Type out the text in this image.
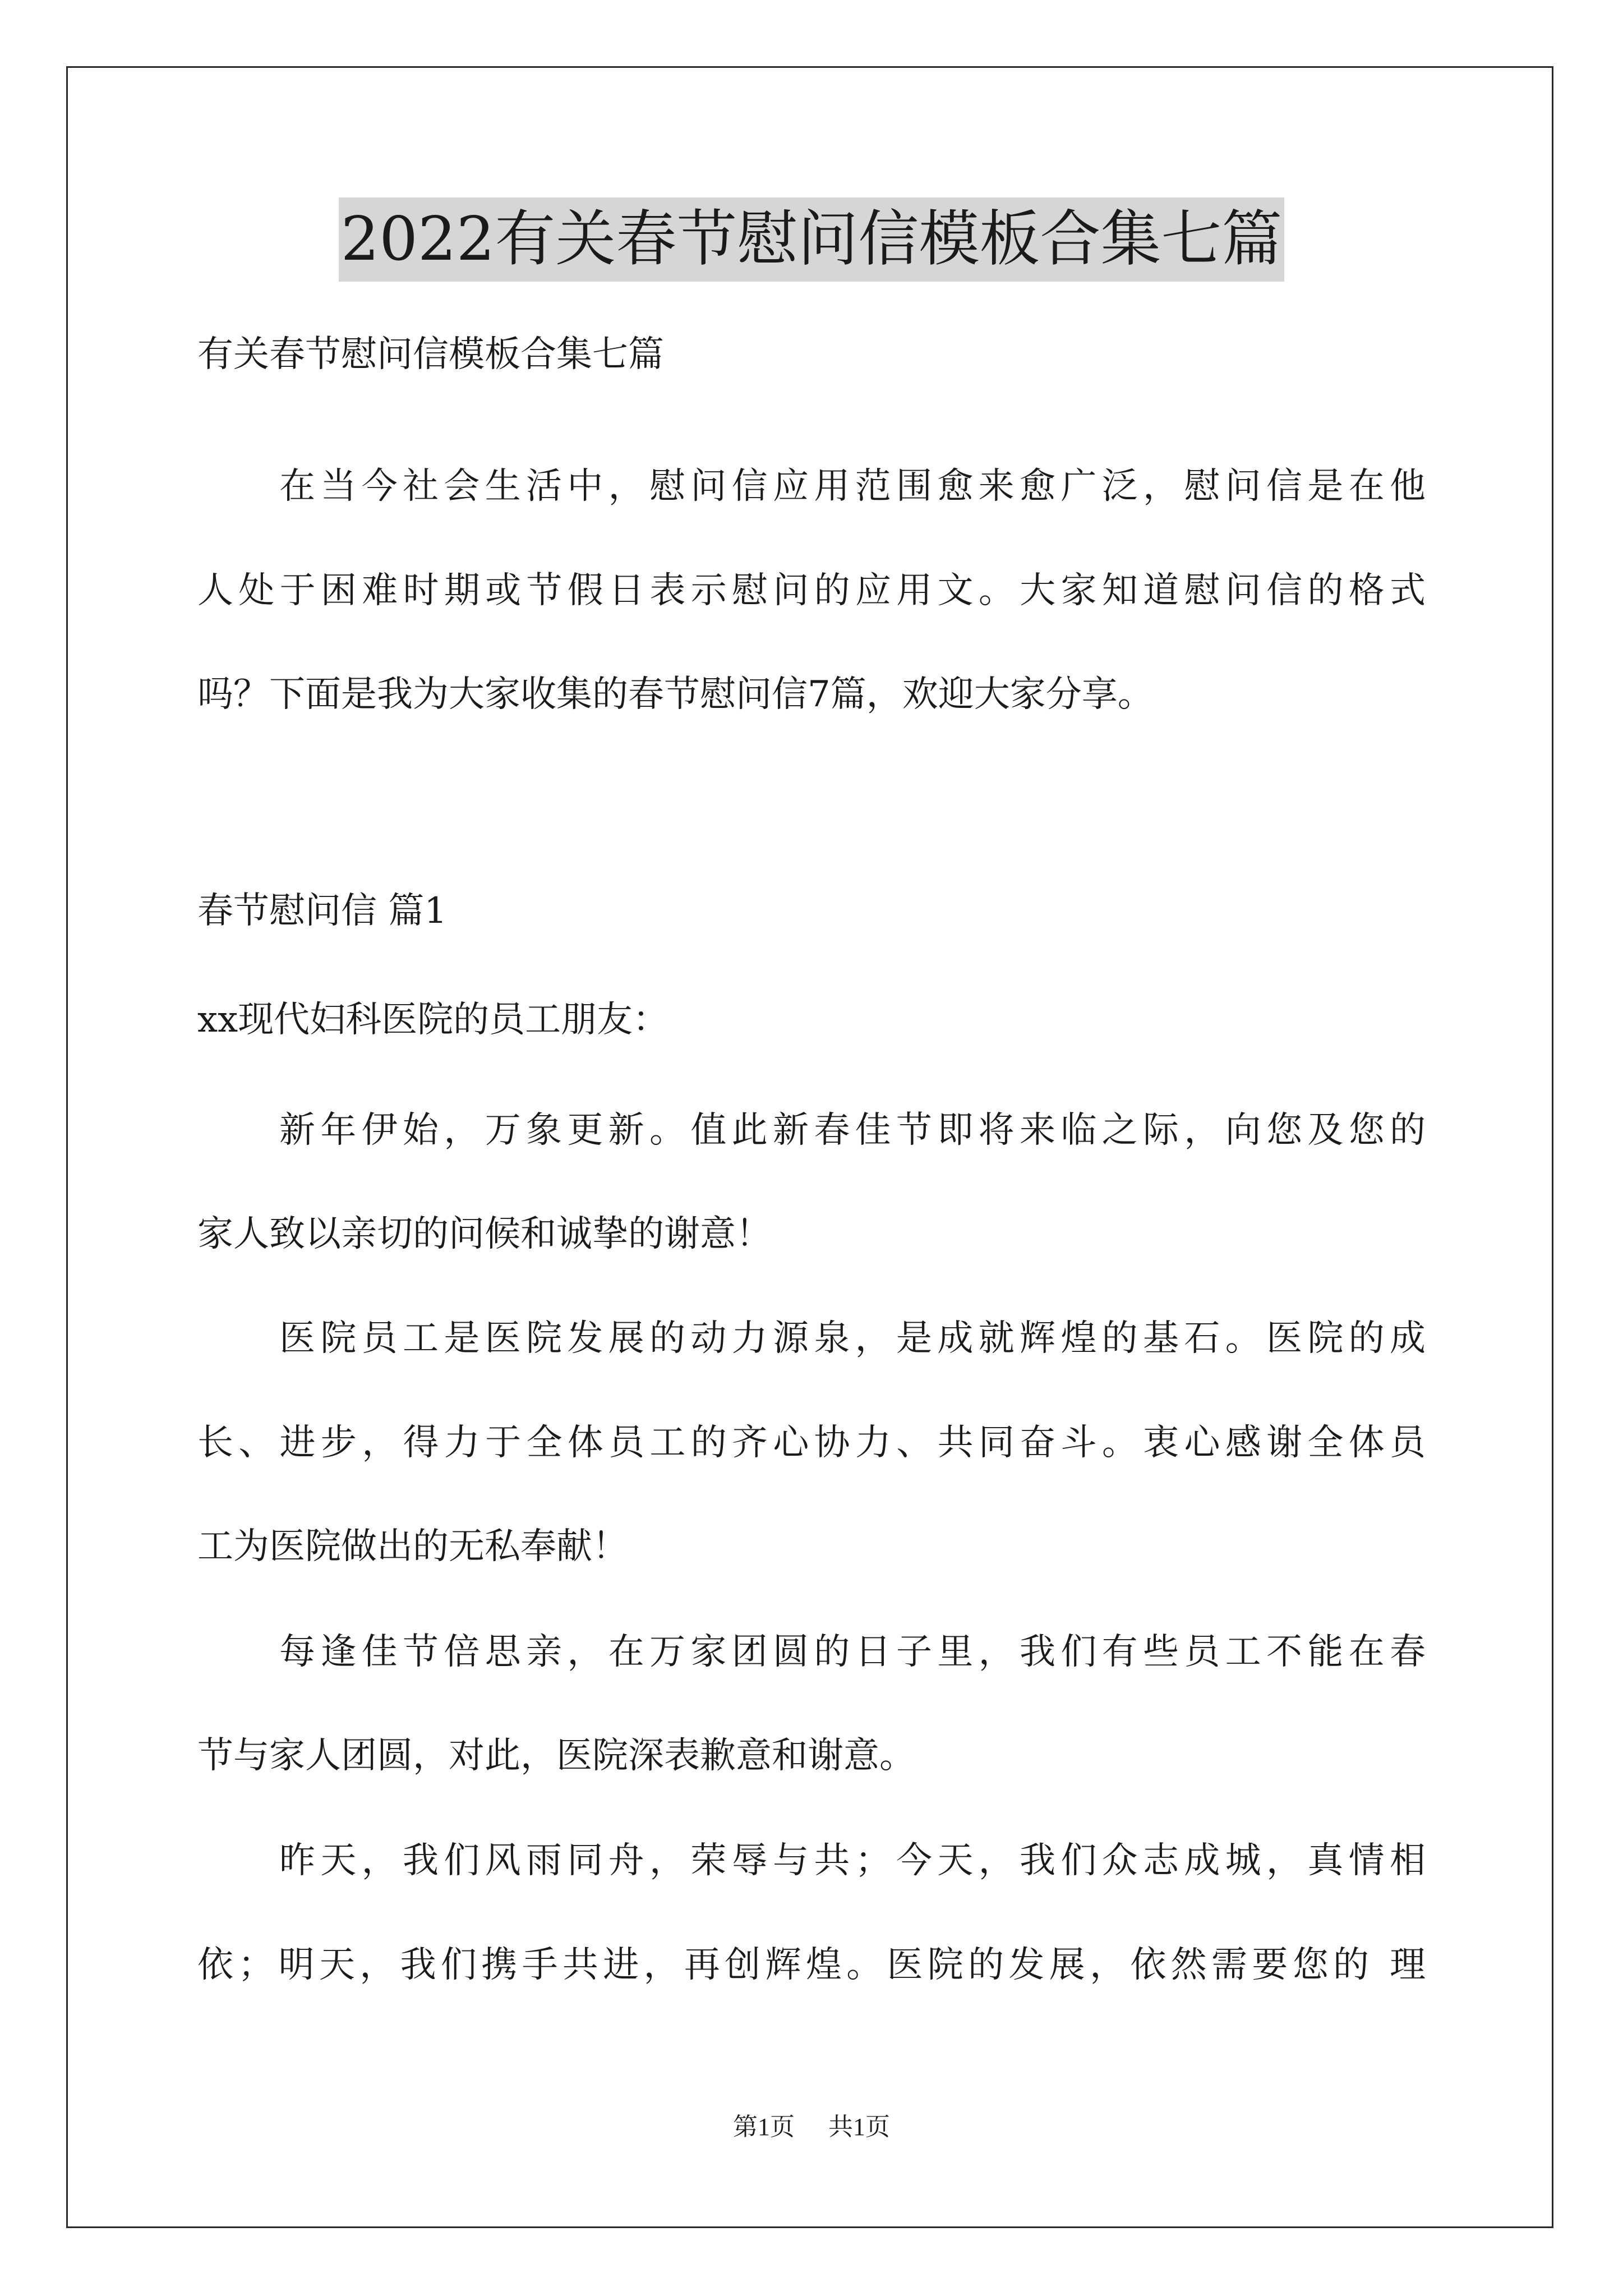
2022有关春节慰问信模板合集七篇

有关春节慰问信模板合集七篇

在当今社会生活中，慰问信应用范围愈来愈广泛，慰问信是在他

人处于困难时期或节假日表示慰问的应用文。大家知道慰问信的格式

吗？下面是我为大家收集的春节慰问信7篇，欢迎大家分享。

春节慰问信 篇1

xx现代妇科医院的员工朋友：

新年伊始，万象更新。值此新春佳节即将来临之际，向您及您的

家人致以亲切的问候和诚挚的谢意！

医院员工是医院发展的动力源泉，是成就辉煌的基石。医院的成

长、进步，得力于全体员工的齐心协力、共同奋斗。衷心感谢全体员

工为医院做出的无私奉献！

每逢佳节倍思亲，在万家团圆的日子里，我们有些员工不能在春

节与家人团圆，对此，医院深表歉意和谢意。

昨天，我们风雨同舟，荣辱与共；今天，我们众志成城，真情相

依；明天，我们携手共进，再创辉煌。医院的发展，依然需要您的 理

第1页 共1页
